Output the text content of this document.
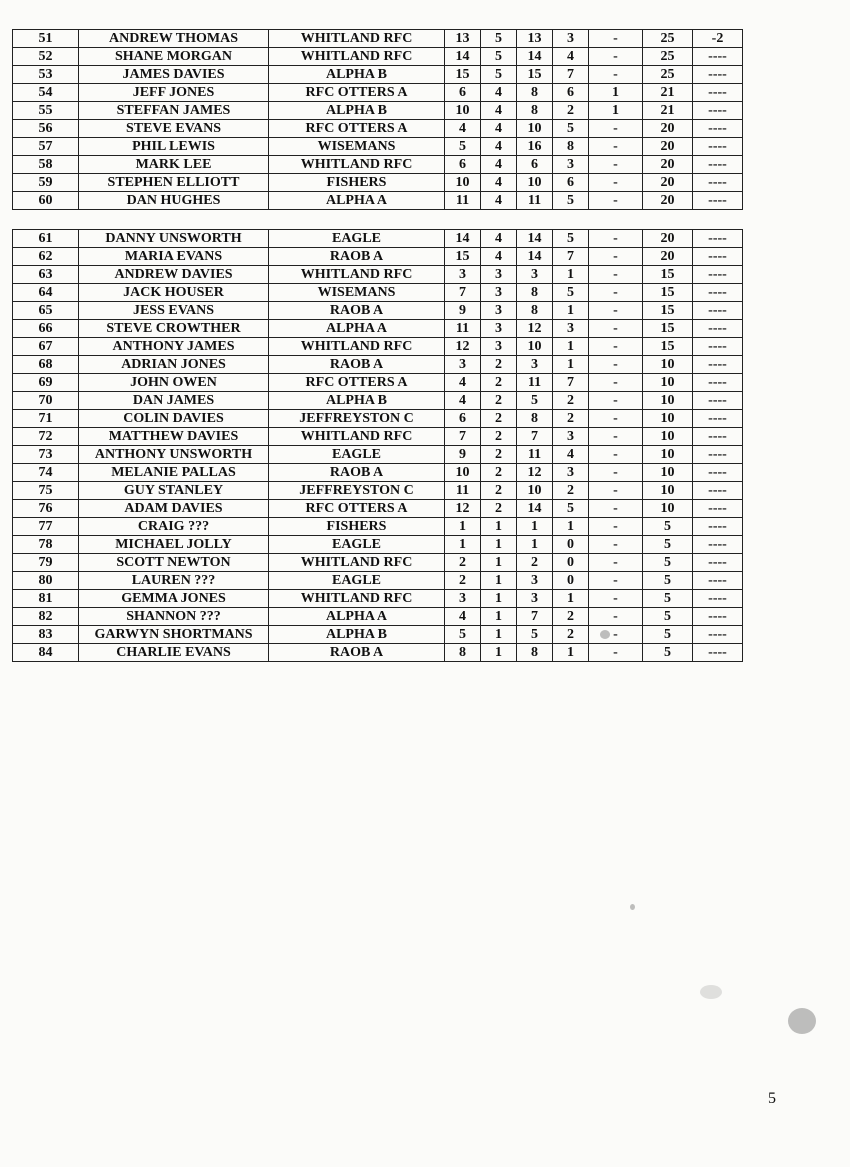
51	ANDREW THOMAS	WHITLAND RFC	13	5	13	3	-	25	-2
52	SHANE MORGAN	WHITLAND RFC	14	5	14	4	-	25	----
53	JAMES DAVIES	ALPHA B	15	5	15	7	-	25	----
54	JEFF JONES	RFC OTTERS A	6	4	8	6	1	21	----
55	STEFFAN JAMES	ALPHA B	10	4	8	2	1	21	----
56	STEVE EVANS	RFC OTTERS A	4	4	10	5	-	20	----
57	PHIL LEWIS	WISEMANS	5	4	16	8	-	20	----
58	MARK LEE	WHITLAND RFC	6	4	6	3	-	20	----
59	STEPHEN ELLIOTT	FISHERS	10	4	10	6	-	20	----
60	DAN HUGHES	ALPHA A	11	4	11	5	-	20	----
61	DANNY UNSWORTH	EAGLE	14	4	14	5	-	20	----
62	MARIA EVANS	RAOB A	15	4	14	7	-	20	----
63	ANDREW DAVIES	WHITLAND RFC	3	3	3	1	-	15	----
64	JACK HOUSER	WISEMANS	7	3	8	5	-	15	----
65	JESS EVANS	RAOB A	9	3	8	1	-	15	----
66	STEVE CROWTHER	ALPHA A	11	3	12	3	-	15	----
67	ANTHONY JAMES	WHITLAND RFC	12	3	10	1	-	15	----
68	ADRIAN JONES	RAOB A	3	2	3	1	-	10	----
69	JOHN OWEN	RFC OTTERS A	4	2	11	7	-	10	----
70	DAN JAMES	ALPHA B	4	2	5	2	-	10	----
71	COLIN DAVIES	JEFFREYSTON C	6	2	8	2	-	10	----
72	MATTHEW DAVIES	WHITLAND RFC	7	2	7	3	-	10	----
73	ANTHONY UNSWORTH	EAGLE	9	2	11	4	-	10	----
74	MELANIE PALLAS	RAOB A	10	2	12	3	-	10	----
75	GUY STANLEY	JEFFREYSTON C	11	2	10	2	-	10	----
76	ADAM DAVIES	RFC OTTERS A	12	2	14	5	-	10	----
77	CRAIG ???	FISHERS	1	1	1	1	-	5	----
78	MICHAEL JOLLY	EAGLE	1	1	1	0	-	5	----
79	SCOTT NEWTON	WHITLAND RFC	2	1	2	0	-	5	----
80	LAUREN ???	EAGLE	2	1	3	0	-	5	----
81	GEMMA JONES	WHITLAND RFC	3	1	3	1	-	5	----
82	SHANNON ???	ALPHA A	4	1	7	2	-	5	----
83	GARWYN SHORTMANS	ALPHA B	5	1	5	2	-	5	----
84	CHARLIE EVANS	RAOB A	8	1	8	1	-	5	----
5
